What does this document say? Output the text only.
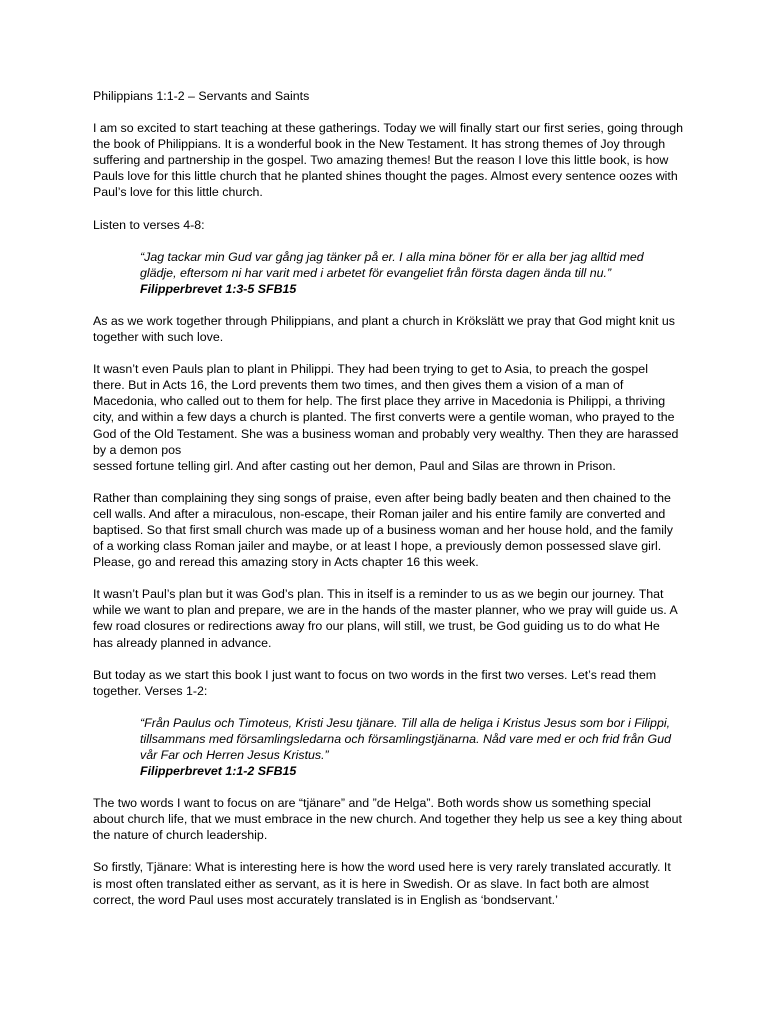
Philippians 1:1-2 – Servants and Saints
I am so excited to start teaching at these gatherings. Today we will finally start our first series, going through the book of Philippians. It is a wonderful book in the New Testament. It has strong themes of Joy through suffering and partnership in the gospel. Two amazing themes! But the reason I love this little book, is how Pauls love for this little church that he planted shines thought the pages. Almost every sentence oozes with Paul’s love for this little church.
Listen to verses 4-8:
“Jag tackar min Gud var gång jag tänker på er. I alla mina böner för er alla ber jag alltid med glädje, eftersom ni har varit med i arbetet för evangeliet från första dagen ända till nu.”
Filipperbrevet 1:3-5 SFB15
As as we work together through Philippians, and plant a church in Krökslätt we pray that God might knit us together with such love.
It wasn’t even Pauls plan to plant in Philippi. They had been trying to get to Asia, to preach the gospel there. But in Acts 16, the Lord prevents them two times, and then gives them a vision of a man of Macedonia, who called out to them for help. The first place they arrive in Macedonia is Philippi, a thriving city, and within a few days a church is planted. The first converts were a gentile woman, who prayed to the God of the Old Testament. She was a business woman and probably very wealthy. Then they are harassed by a demon pos
sessed fortune telling girl. And after casting out her demon, Paul and Silas are thrown in Prison.
Rather than complaining they sing songs of praise, even after being badly beaten and then chained to the cell walls. And after a miraculous, non-escape, their Roman jailer and his entire family are converted and baptised. So that first small church was made up of a business woman and her house hold, and the family of a working class Roman jailer and maybe, or at least I hope, a previously demon possessed slave girl. Please, go and reread this amazing story in Acts chapter 16 this week.
It wasn’t Paul’s plan but it was God’s plan. This in itself is a reminder to us as we begin our journey. That while we want to plan and prepare, we are in the hands of the master planner, who we pray will guide us. A few road closures or redirections away fro our plans, will still, we trust, be God guiding us to do what He has already planned in advance.
But today as we start this book I just want to focus on two words in the first two verses. Let’s read them together. Verses 1-2:
“Från Paulus och Timoteus, Kristi Jesu tjänare. Till alla de heliga i Kristus Jesus som bor i Filippi, tillsammans med församlingsledarna och församlingstjänarna. Nåd vare med er och frid från Gud vår Far och Herren Jesus Kristus.”
Filipperbrevet 1:1-2 SFB15
The two words I want to focus on are “tjänare” and ”de Helga”. Both words show us something special about church life, that we must embrace in the new church. And together they help us see a key thing about the nature of church leadership.
So firstly, Tjänare: What is interesting here is how the word used here is very rarely translated accuratly. It is most often translated either as servant, as it is here in Swedish. Or as slave. In fact both are almost correct, the word Paul uses most accurately translated is in English as ‘bondservant.’
